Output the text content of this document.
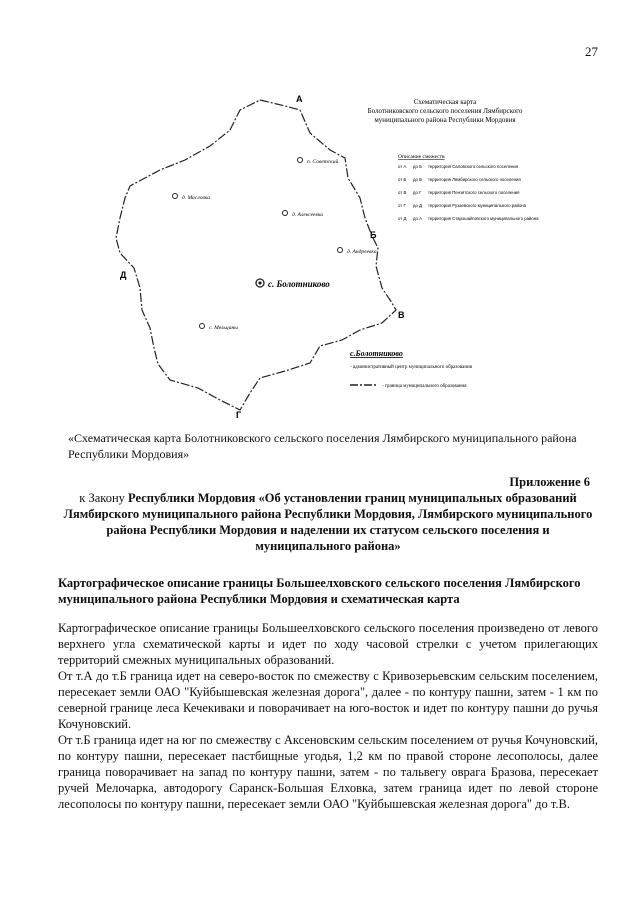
27
А
Б
В
Г
Д
п. Советский
д. Масловка
д. Алексеевка
д. Андреевка
с. Болотниково
с. Мельцаны
Схематическая карта
Болотниковского сельского поселения Лямбирского
муниципального района Республики Мордовия
Описание смежеств
от А до Б территория Саловского сельского поселения
от Б до В территория Лямбирского сельского поселения
от В до Г территория Пензятского сельского поселения
от Г до Д территория Рузаевского муниципального района
от Д до А территория Старошайговского муниципального района
с.Болотниково
- административный центр муниципального образования
- граница муниципального образования
«Схематическая карта Болотниковского сельского поселения Лямбирского муниципального района Республики Мордовия»
Приложение 6
к Закону Республики Мордовия «Об установлении границ муниципальных образований Лямбирского муниципального района Республики Мордовия, Лямбирского муниципального района Республики Мордовия и наделении их статусом сельского поселения и муниципального района»
Картографическое описание границы Большеелховского сельского поселения Лямбирского муниципального района Республики Мордовия и схематическая карта

Картографическое описание границы Большеелховского сельского поселения произведено от левого верхнего угла схематической карты и идет по ходу часовой стрелки с учетом прилегающих территорий смежных муниципальных образований.

От т.А до т.Б граница идет на северо-восток по смежеству с Кривозерьевским сельским поселением, пересекает земли ОАО "Куйбышевская железная дорога", далее - по контуру пашни, затем - 1 км по северной границе леса Кечекиваки и поворачивает на юго-восток и идет по контуру пашни до ручья Кочуновский.

От т.Б граница идет на юг по смежеству с Аксеновским сельским поселением от ручья Кочуновский, по контуру пашни, пересекает пастбищные угодья, 1,2 км по правой стороне лесополосы, далее граница поворачивает на запад по контуру пашни, затем - по тальвегу оврага Бразова, пересекает ручей Мелочарка, автодорогу Саранск-Большая Елховка, затем граница идет по левой стороне лесополосы по контуру пашни, пересекает земли ОАО "Куйбышевская железная дорога" до т.В.
